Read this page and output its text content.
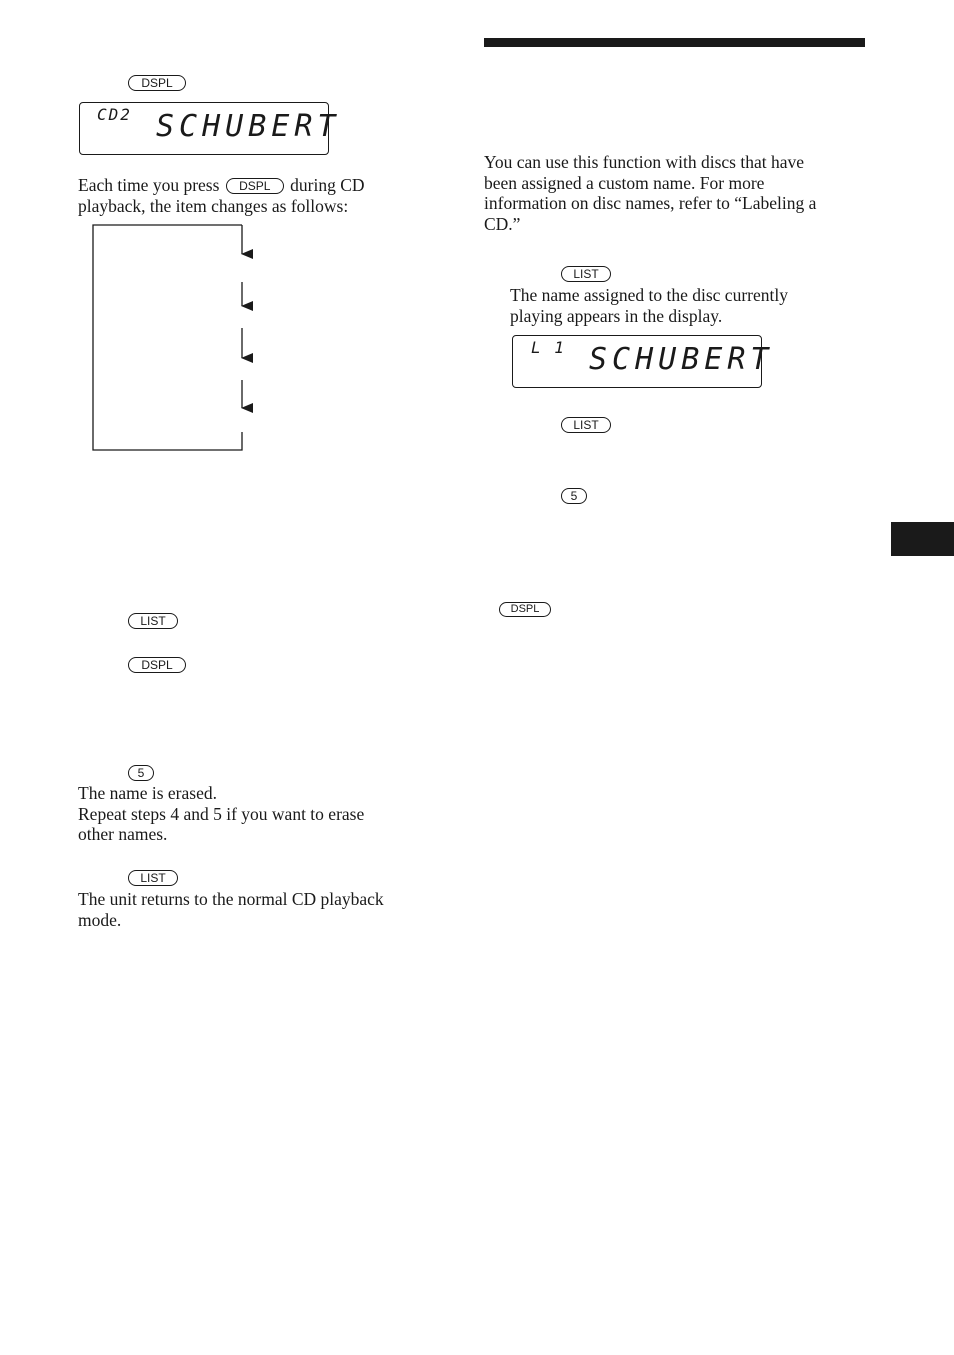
DSPL
CD2 SCHUBERT
Each time you press DSPL during CD
playback, the item changes as follows:
LIST
DSPL
5
The name is erased.
Repeat steps 4 and 5 if you want to erase
other names.
LIST
The unit returns to the normal CD playback
mode.
You can use this function with discs that have
been assigned a custom name. For more
information on disc names, refer to “Labeling a
CD.”
LIST
The name assigned to the disc currently
playing appears in the display.
L 1 SCHUBERT
LIST
5
DSPL
